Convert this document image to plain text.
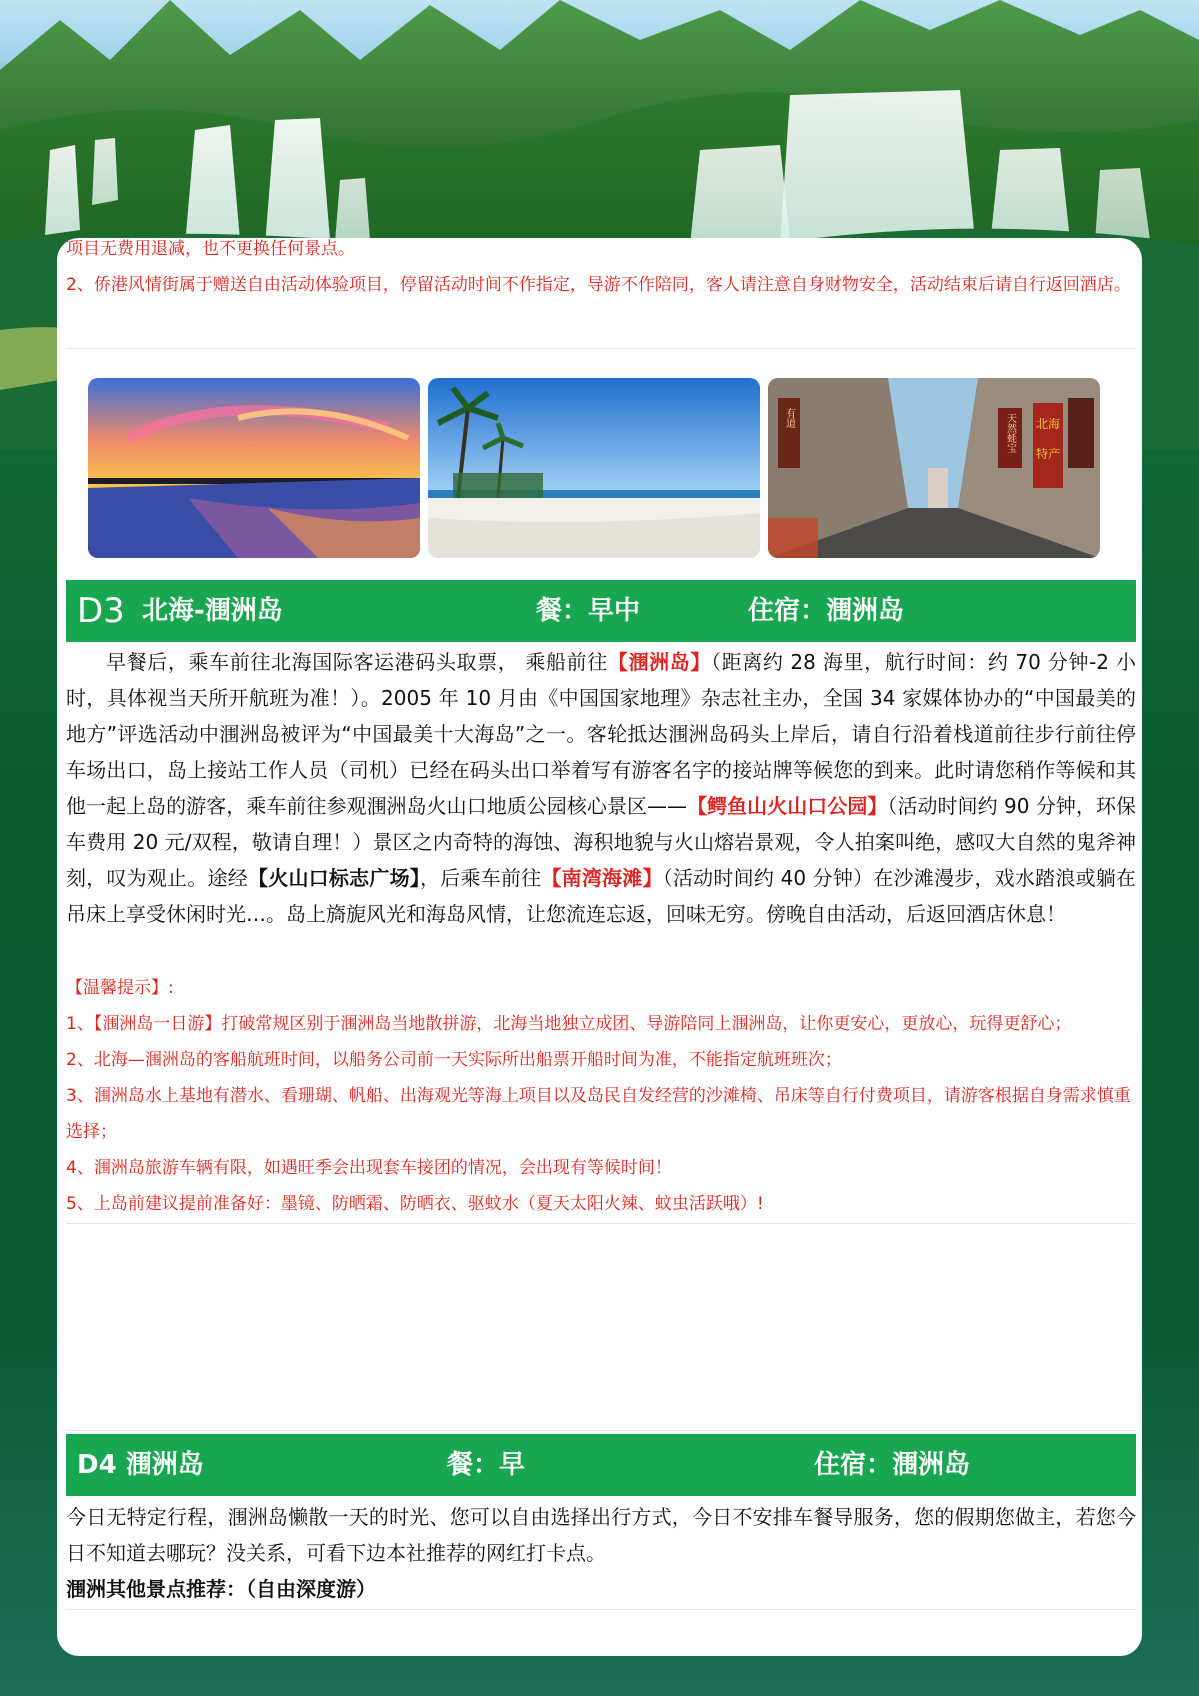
项目无费用退减，也不更换任何景点。
2、侨港风情街属于赠送自由活动体验项目，停留活动时间不作指定，导游不作陪同，客人请注意自身财物安全，活动结束后请自行返回酒店。
北海
特产
天然蚝宝
有道
D3 北海-涠洲岛	餐：早中	住宿：涠洲岛
早餐后，乘车前往北海国际客运港码头取票， 乘船前往【涠洲岛】（距离约 28 海里，航行时间：约 70 分钟-2 小时，具体视当天所开航班为准！）。2005 年 10 月由《中国国家地理》杂志社主办，全国 34 家媒体协办的“中国最美的地方”评选活动中涠洲岛被评为“中国最美十大海岛”之一。客轮抵达涠洲岛码头上岸后，请自行沿着栈道前往步行前往停车场出口，岛上接站工作人员（司机）已经在码头出口举着写有游客名字的接站牌等候您的到来。此时请您稍作等候和其他一起上岛的游客，乘车前往参观涠洲岛火山口地质公园核心景区——【鳄鱼山火山口公园】（活动时间约 90 分钟，环保车费用 20 元/双程，敬请自理！）景区之内奇特的海蚀、海积地貌与火山熔岩景观，令人拍案叫绝，感叹大自然的鬼斧神刻，叹为观止。途经【火山口标志广场】，后乘车前往【南湾海滩】（活动时间约 40 分钟）在沙滩漫步，戏水踏浪或躺在吊床上享受休闲时光…。岛上旖旎风光和海岛风情，让您流连忘返，回味无穷。傍晚自由活动，后返回酒店休息！
【温馨提示】:
1、【涠洲岛一日游】打破常规区别于涠洲岛当地散拼游，北海当地独立成团、导游陪同上涠洲岛，让你更安心，更放心，玩得更舒心；
2、北海—涠洲岛的客船航班时间，以船务公司前一天实际所出船票开船时间为准，不能指定航班班次；
3、涠洲岛水上基地有潜水、看珊瑚、帆船、出海观光等海上项目以及岛民自发经营的沙滩椅、吊床等自行付费项目，请游客根据自身需求慎重选择；
4、涠洲岛旅游车辆有限，如遇旺季会出现套车接团的情况，会出现有等候时间！
5、上岛前建议提前准备好：墨镜、防晒霜、防晒衣、驱蚊水（夏天太阳火辣、蚊虫活跃哦）!
D4 涠洲岛	餐：早	住宿：涠洲岛
今日无特定行程，涠洲岛懒散一天的时光、您可以自由选择出行方式，今日不安排车餐导服务，您的假期您做主，若您今日不知道去哪玩？没关系，可看下边本社推荐的网红打卡点。
涠洲其他景点推荐：（自由深度游）
